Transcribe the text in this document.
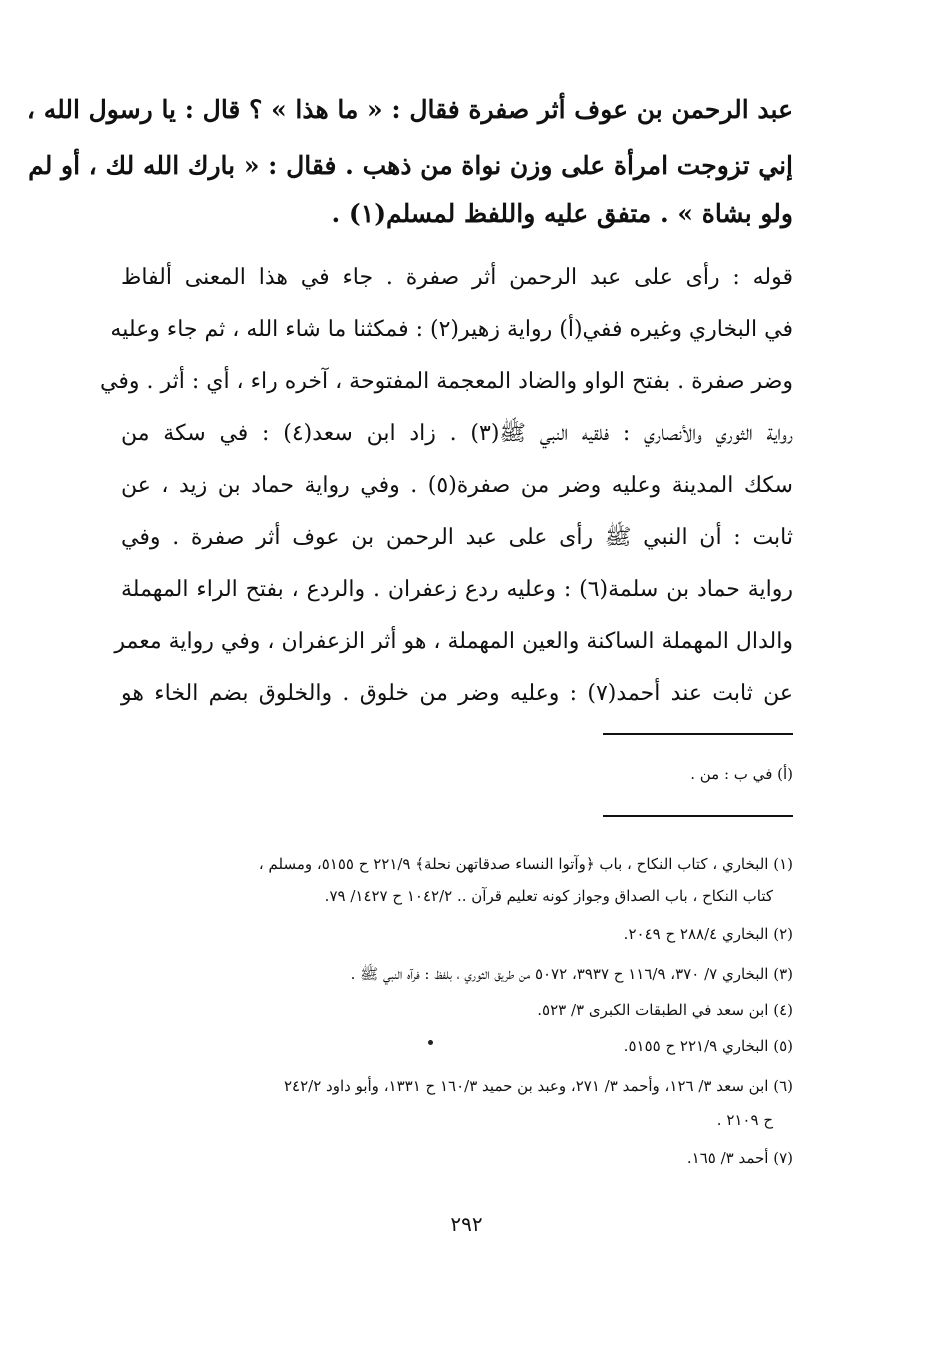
عبد الرحمن بن عوف أثر صفرة فقال : « ما هذا » ؟ قال : يا رسول الله ،
إني تزوجت امرأة على وزن نواة من ذهب . فقال : « بارك الله لك ، أو لم
ولو بشاة » . متفق عليه واللفظ لمسلم(١) .
قوله : رأى على عبد الرحمن أثر صفرة . جاء في هذا المعنى ألفاظ
في البخاري وغيره ففي(أ) رواية زهير(٢) : فمكثنا ما شاء الله ، ثم جاء وعليه
وضر صفرة . بفتح الواو والضاد المعجمة المفتوحة ، آخره راء ، أي : أثر . وفي
رواية الثوري والأنصاري : فلقيه النبي ﷺ(٣) . زاد ابن سعد(٤) : في سكة من
سكك المدينة وعليه وضر من صفرة(٥) . وفي رواية حماد بن زيد ، عن
ثابت : أن النبي ﷺ رأى على عبد الرحمن بن عوف أثر صفرة . وفي
رواية حماد بن سلمة(٦) : وعليه ردع زعفران . والردع ، بفتح الراء المهملة
والدال المهملة الساكنة والعين المهملة ، هو أثر الزعفران ، وفي رواية معمر
عن ثابت عند أحمد(٧) : وعليه وضر من خلوق . والخلوق بضم الخاء هو
(أ) في ب : من .
(١) البخاري ، كتاب النكاح ، باب ﴿وآتوا النساء صدقاتهن نحلة﴾ ٢٢١/٩ ح ٥١٥٥، ومسلم ،
كتاب النكاح ، باب الصداق وجواز كونه تعليم قرآن .. ١٠٤٢/٢ ح ١٤٢٧/ ٧٩.
(٢) البخاري ٢٨٨/٤ ح ٢٠٤٩.
(٣) البخاري ٧/ ٣٧٠، ١١٦/٩ ح ٣٩٣٧، ٥٠٧٢ من طريق الثوري ، بلفظ : فرآه النبي ﷺ .
(٤) ابن سعد في الطبقات الكبرى ٣/ ٥٢٣.
(٥) البخاري ٢٢١/٩ ح ٥١٥٥.
(٦) ابن سعد ٣/ ١٢٦، وأحمد ٣/ ٢٧١، وعبد بن حميد ١٦٠/٣ ح ١٣٣١، وأبو داود ٢٤٢/٢
ح ٢١٠٩ .
(٧) أحمد ٣/ ١٦٥.
٢٩٢
